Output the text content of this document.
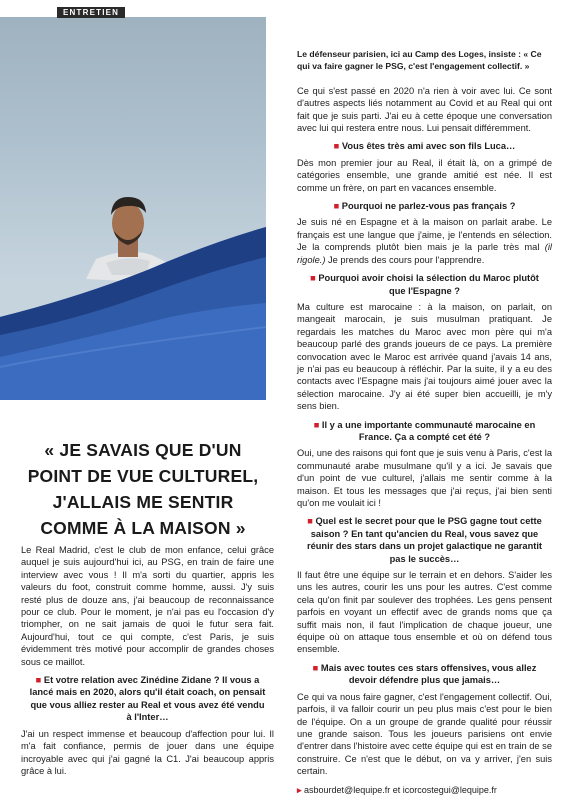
ENTRETIEN
« JE SAVAIS QUE D'UN POINT DE VUE CULTUREL, J'ALLAIS ME SENTIR COMME À LA MAISON »

Le Real Madrid, c'est le club de mon enfance, celui grâce auquel je suis aujourd'hui ici, au PSG, en train de faire une interview avec vous ! Il m'a sorti du quartier, appris les valeurs du foot, construit comme homme, aussi. J'y suis resté plus de douze ans, j'ai beaucoup de reconnaissance pour ce club. Pour le moment, je n'ai pas eu l'occasion d'y triompher, on ne sait jamais de quoi le futur sera fait. Aujourd'hui, tout ce qui compte, c'est Paris, je suis évidemment très motivé pour accomplir de grandes choses sous ce maillot.

■ Et votre relation avec Zinédine Zidane ? Il vous a lancé mais en 2020, alors qu'il était coach, on pensait que vous alliez rester au Real et vous avez été vendu à l'Inter…

J'ai un respect immense et beaucoup d'affection pour lui. Il m'a fait confiance, permis de jouer dans une équipe incroyable avec qui j'ai gagné la C1. J'ai beaucoup appris grâce à lui.

Le défenseur parisien, ici au Camp des Loges, insiste : « Ce qui va faire gagner le PSG, c'est l'engagement collectif. »

Ce qui s'est passé en 2020 n'a rien à voir avec lui. Ce sont d'autres aspects liés notamment au Covid et au Real qui ont fait que je suis parti. J'ai eu à cette époque une conversation avec lui qui restera entre nous. Lui pensait différemment.

■ Vous êtes très ami avec son fils Luca…

Dès mon premier jour au Real, il était là, on a grimpé de catégories ensemble, une grande amitié est née. Il est comme un frère, on part en vacances ensemble.

■ Pourquoi ne parlez-vous pas français ?

Je suis né en Espagne et à la maison on parlait arabe. Le français est une langue que j'aime, je l'entends en sélection. Je la comprends plutôt bien mais je la parle très mal (il rigole.) Je prends des cours pour l'apprendre.

■ Pourquoi avoir choisi la sélection du Maroc plutôt que l'Espagne ?

Ma culture est marocaine : à la maison, on parlait, on mangeait marocain, je suis musulman pratiquant. Je regardais les matches du Maroc avec mon père qui m'a beaucoup parlé des grands joueurs de ce pays. La première convocation avec le Maroc est arrivée quand j'avais 14 ans, je n'ai pas eu beaucoup à réfléchir. Par la suite, il y a eu des contacts avec l'Espagne mais j'ai toujours aimé jouer avec la sélection marocaine. J'y ai été super bien accueilli, je m'y sens bien.

■ Il y a une importante communauté marocaine en France. Ça a compté cet été ?

Oui, une des raisons qui font que je suis venu à Paris, c'est la communauté arabe musulmane qu'il y a ici. Je savais que d'un point de vue culturel, j'allais me sentir comme à la maison. Et tous les messages que j'ai reçus, j'ai bien senti qu'on me voulait ici !

■ Quel est le secret pour que le PSG gagne tout cette saison ? En tant qu'ancien du Real, vous savez que réunir des stars dans un projet galactique ne garantit pas le succès…

Il faut être une équipe sur le terrain et en dehors. S'aider les uns les autres, courir les uns pour les autres. C'est comme cela qu'on finit par soulever des trophées. Les gens pensent parfois en voyant un effectif avec de grands noms que ça suffit mais non, il faut l'implication de chaque joueur, une équipe où on attaque tous ensemble et où on défend tous ensemble.

■ Mais avec toutes ces stars offensives, vous allez devoir défendre plus que jamais…

Ce qui va nous faire gagner, c'est l'engagement collectif. Oui, parfois, il va falloir courir un peu plus mais c'est pour le bien de l'équipe. On a un groupe de grande qualité pour réussir une grande saison. Tous les joueurs parisiens ont envie d'entrer dans l'histoire avec cette équipe qui est en train de se construire. Ce n'est que le début, on va y arriver, j'en suis certain.

▸ asbourdet@lequipe.fr et icorcostegui@lequipe.fr
